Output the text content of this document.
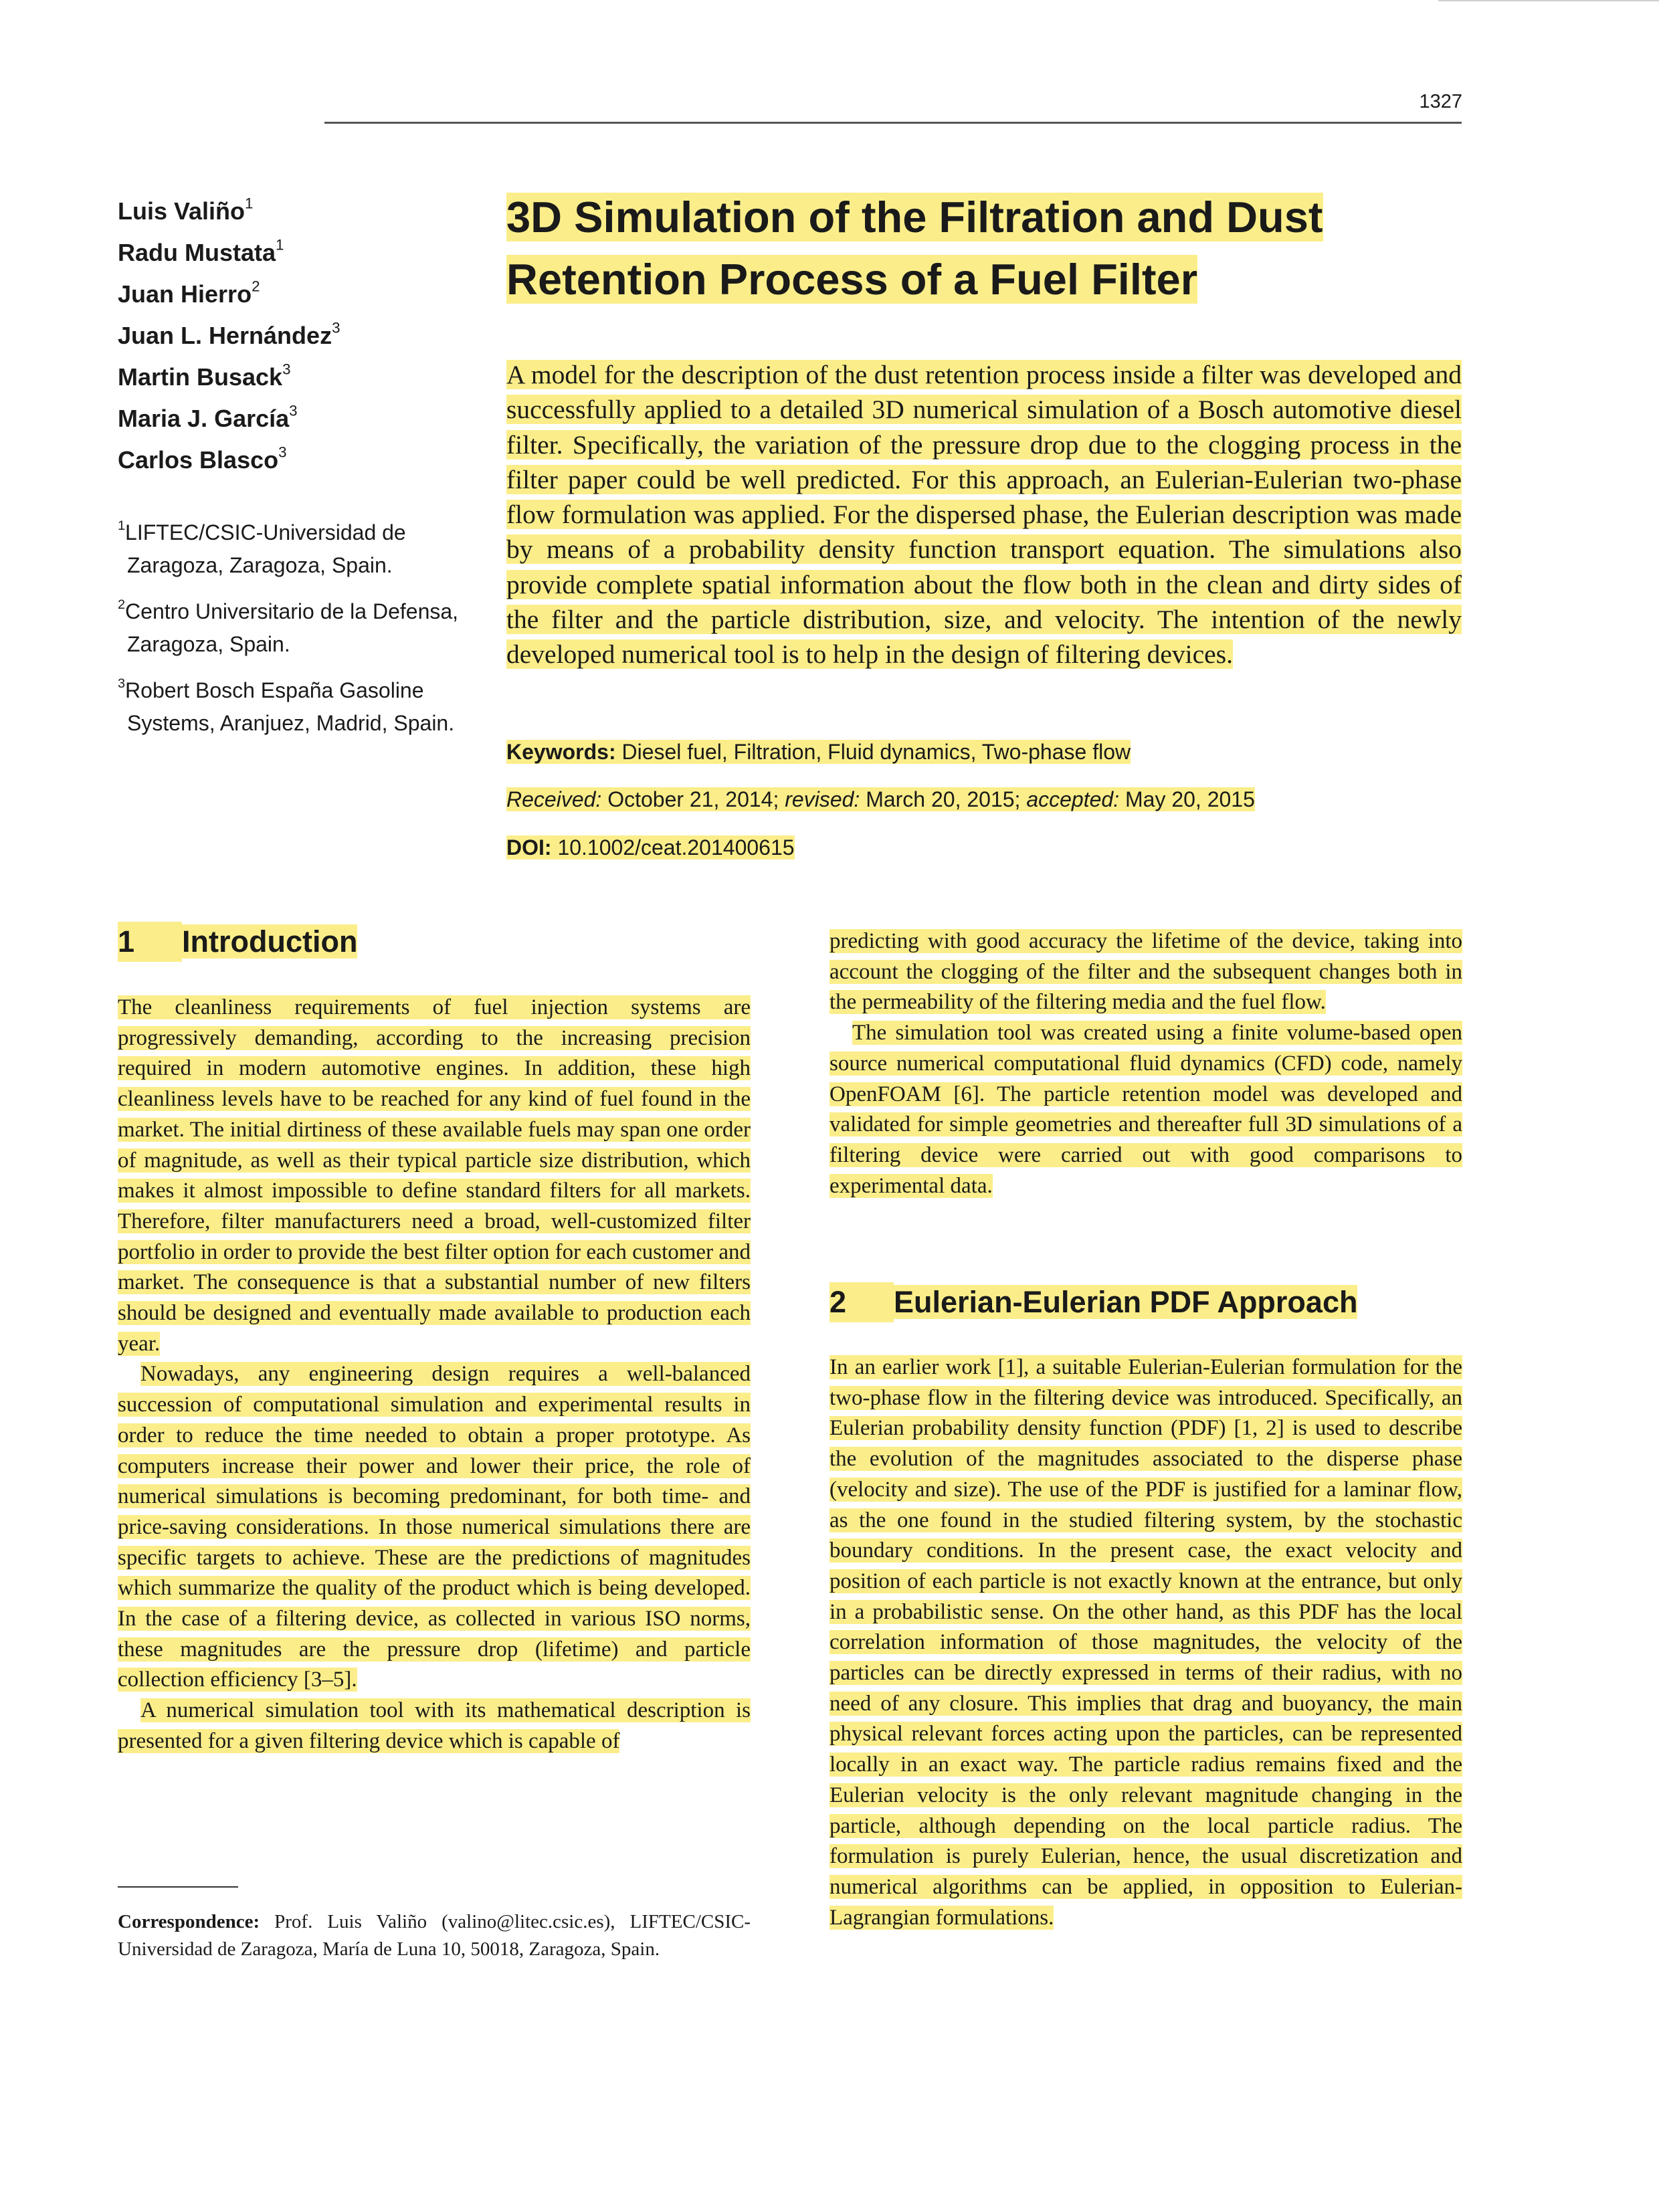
1327
Luis Valiño$^1$
Radu Mustata$^1$
Juan Hierro$^2$
Juan L. Hernández$^3$
Martin Busack$^3$
Maria J. García$^3$
Carlos Blasco$^3$
$^1$LIFTEC/CSIC-Universidad de Zaragoza, Zaragoza, Spain.
$^2$Centro Universitario de la Defensa, Zaragoza, Spain.
$^3$Robert Bosch España Gasoline Systems, Aranjuez, Madrid, Spain.
3D Simulation of the Filtration and Dust
Retention Process of a Fuel Filter

A model for the description of the dust retention process inside a filter was developed and successfully applied to a detailed 3D numerical simulation of a Bosch automotive diesel filter. Specifically, the variation of the pressure drop due to the clogging process in the filter paper could be well predicted. For this approach, an Eulerian-Eulerian two-phase flow formulation was applied. For the dispersed phase, the Eulerian description was made by means of a probability density function transport equation. The simulations also provide complete spatial information about the flow both in the clean and dirty sides of the filter and the particle distribution, size, and velocity. The intention of the newly developed numerical tool is to help in the design of filtering devices.

Keywords: Diesel fuel, Filtration, Fluid dynamics, Two-phase flow

Received: October 21, 2014; revised: March 20, 2015; accepted: May 20, 2015

DOI: 10.1002/ceat.201400615

1 Introduction
The cleanliness requirements of fuel injection systems are progressively demanding, according to the increasing precision required in modern automotive engines. In addition, these high cleanliness levels have to be reached for any kind of fuel found in the market. The initial dirtiness of these available fuels may span one order of magnitude, as well as their typical particle size distribution, which makes it almost impossible to define standard filters for all markets. Therefore, filter manufacturers need a broad, well-customized filter portfolio in order to provide the best filter option for each customer and market. The consequence is that a substantial number of new filters should be designed and eventually made available to production each year.
Nowadays, any engineering design requires a well-balanced succession of computational simulation and experimental results in order to reduce the time needed to obtain a proper prototype. As computers increase their power and lower their price, the role of numerical simulations is becoming predominant, for both time- and price-saving considerations. In those numerical simulations there are specific targets to achieve. These are the predictions of magnitudes which summarize the quality of the product which is being developed. In the case of a filtering device, as collected in various ISO norms, these magnitudes are the pressure drop (lifetime) and particle collection efficiency [3–5].
A numerical simulation tool with its mathematical description is presented for a given filtering device which is capable of
predicting with good accuracy the lifetime of the device, taking into account the clogging of the filter and the subsequent changes both in the permeability of the filtering media and the fuel flow.
The simulation tool was created using a finite volume-based open source numerical computational fluid dynamics (CFD) code, namely OpenFOAM [6]. The particle retention model was developed and validated for simple geometries and thereafter full 3D simulations of a filtering device were carried out with good comparisons to experimental data.
2 Eulerian-Eulerian PDF Approach
In an earlier work [1], a suitable Eulerian-Eulerian formulation for the two-phase flow in the filtering device was introduced. Specifically, an Eulerian probability density function (PDF) [1, 2] is used to describe the evolution of the magnitudes associated to the disperse phase (velocity and size). The use of the PDF is justified for a laminar flow, as the one found in the studied filtering system, by the stochastic boundary conditions. In the present case, the exact velocity and position of each particle is not exactly known at the entrance, but only in a probabilistic sense. On the other hand, as this PDF has the local correlation information of those magnitudes, the velocity of the particles can be directly expressed in terms of their radius, with no need of any closure. This implies that drag and buoyancy, the main physical relevant forces acting upon the particles, can be represented locally in an exact way. The particle radius remains fixed and the Eulerian velocity is the only relevant magnitude changing in the particle, although depending on the local particle radius. The formulation is purely Eulerian, hence, the usual discretization and numerical algorithms can be applied, in opposition to Eulerian-Lagrangian formulations.

Correspondence: Prof. Luis Valiño (valino@litec.csic.es), LIFTEC/CSIC-Universidad de Zaragoza, María de Luna 10, 50018, Zaragoza, Spain.
